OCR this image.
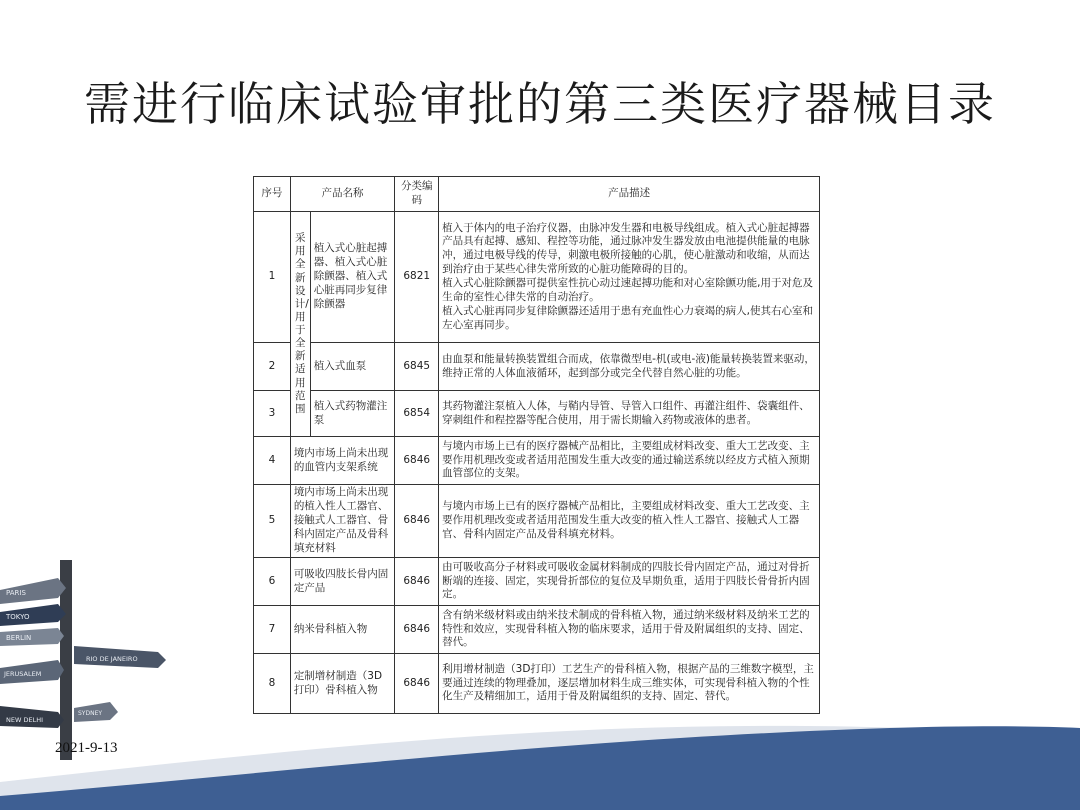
PARIS
TOKYO
BERLIN
RIO DE JANEIRO
JERUSALEM
NEW DELHI
SYDNEY
需进行临床试验审批的第三类医疗器械目录
序号	产品名称		分类编码	产品描述
1	采用全新设计/用于全新适用范围	植入式心脏起搏器、植入式心脏除颤器、植入式心脏再同步复律除颤器	6821	植入于体内的电子治疗仪器，由脉冲发生器和电极导线组成。植入式心脏起搏器产品具有起搏、感知、程控等功能，通过脉冲发生器发放由电池提供能量的电脉冲，通过电极导线的传导，刺激电极所接触的心肌，使心脏激动和收缩，从而达到治疗由于某些心律失常所致的心脏功能障碍的目的。
植入式心脏除颤器可提供室性抗心动过速起搏功能和对心室除颤功能,用于对危及生命的室性心律失常的自动治疗。
植入式心脏再同步复律除颤器还适用于患有充血性心力衰竭的病人,使其右心室和左心室再同步。
2		植入式血泵	6845	由血泵和能量转换装置组合而成，依靠微型电-机(或电-液)能量转换装置来驱动，维持正常的人体血液循环，起到部分或完全代替自然心脏的功能。
3		植入式药物灌注泵	6854	其药物灌注泵植入人体，与鞘内导管、导管入口组件、再灌注组件、袋囊组件、穿刺组件和程控器等配合使用，用于需长期输入药物或液体的患者。
4	境内市场上尚未出现的血管内支架系统		6846	与境内市场上已有的医疗器械产品相比，主要组成材料改变、重大工艺改变、主要作用机理改变或者适用范围发生重大改变的通过输送系统以经皮方式植入预期血管部位的支架。
5	境内市场上尚未出现的植入性人工器官、接触式人工器官、骨科内固定产品及骨科填充材料		6846	与境内市场上已有的医疗器械产品相比，主要组成材料改变、重大工艺改变、主要作用机理改变或者适用范围发生重大改变的植入性人工器官、接触式人工器官、骨科内固定产品及骨科填充材料。
6	可吸收四肢长骨内固定产品		6846	由可吸收高分子材料或可吸收金属材料制成的四肢长骨内固定产品，通过对骨折断端的连接、固定，实现骨折部位的复位及早期负重，适用于四肢长骨骨折内固定。
7	纳米骨科植入物		6846	含有纳米级材料或由纳米技术制成的骨科植入物，通过纳米级材料及纳米工艺的特性和效应，实现骨科植入物的临床要求，适用于骨及附属组织的支持、固定、替代。
8	定制增材制造（3D打印）骨科植入物		6846	利用增材制造（3D打印）工艺生产的骨科植入物，根据产品的三维数字模型，主要通过连续的物理叠加，逐层增加材料生成三维实体，可实现骨科植入物的个性化生产及精细加工，适用于骨及附属组织的支持、固定、替代。
2021-9-13
